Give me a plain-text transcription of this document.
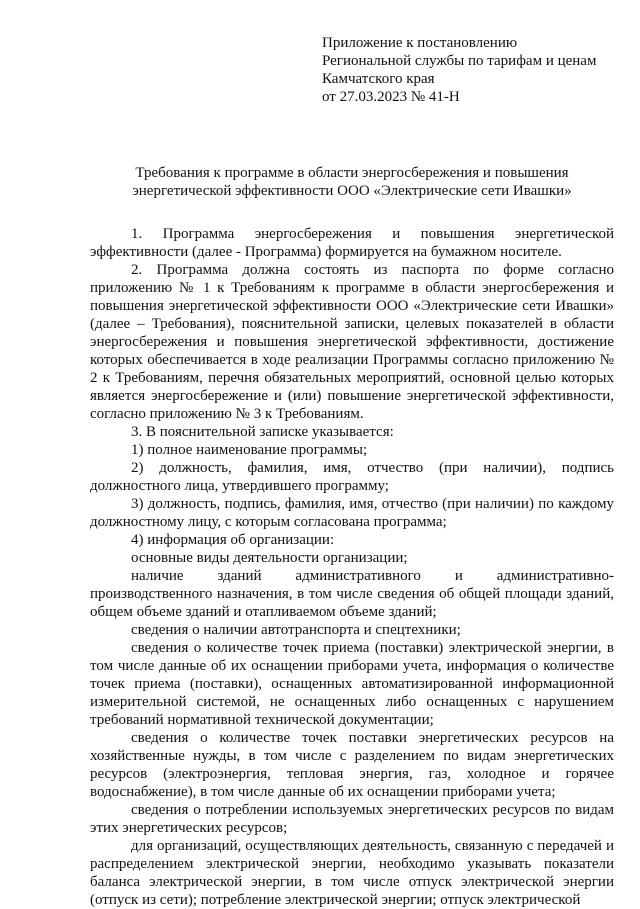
Приложение к постановлению
Региональной службы по тарифам и ценам
Камчатского края
от 27.03.2023 № 41-Н
Требования к программе в области энергосбережения и повышения
энергетической эффективности ООО «Электрические сети Ивашки»

1. Программа энергосбережения и повышения энергетической эффективности (далее - Программа) формируется на бумажном носителе.

2. Программа должна состоять из паспорта по форме согласно приложению № 1 к Требованиям к программе в области энергосбережения и повышения энергетической эффективности ООО «Электрические сети Ивашки» (далее – Требования), пояснительной записки, целевых показателей в области энергосбережения и повышения энергетической эффективности, достижение которых обеспечивается в ходе реализации Программы согласно приложению № 2 к Требованиям, перечня обязательных мероприятий, основной целью которых является энергосбережение и (или) повышение энергетической эффективности, согласно приложению № 3 к Требованиям.

3. В пояснительной записке указывается:

1) полное наименование программы;

2) должность, фамилия, имя, отчество (при наличии), подпись должностного лица, утвердившего программу;

3) должность, подпись, фамилия, имя, отчество (при наличии) по каждому должностному лицу, с которым согласована программа;

4) информация об организации:

основные виды деятельности организации;

наличие зданий административного и административно-производственного назначения, в том числе сведения об общей площади зданий, общем объеме зданий и отапливаемом объеме зданий;

сведения о наличии автотранспорта и спецтехники;

сведения о количестве точек приема (поставки) электрической энергии, в том числе данные об их оснащении приборами учета, информация о количестве точек приема (поставки), оснащенных автоматизированной информационной измерительной системой, не оснащенных либо оснащенных с нарушением требований нормативной технической документации;

сведения о количестве точек поставки энергетических ресурсов на хозяйственные нужды, в том числе с разделением по видам энергетических ресурсов (электроэнергия, тепловая энергия, газ, холодное и горячее водоснабжение), в том числе данные об их оснащении приборами учета;

сведения о потреблении используемых энергетических ресурсов по видам этих энергетических ресурсов;

для организаций, осуществляющих деятельность, связанную с передачей и распределением электрической энергии, необходимо указывать показатели баланса электрической энергии, в том числе отпуск электрической энергии (отпуск из сети); потребление электрической энергии; отпуск электрической
